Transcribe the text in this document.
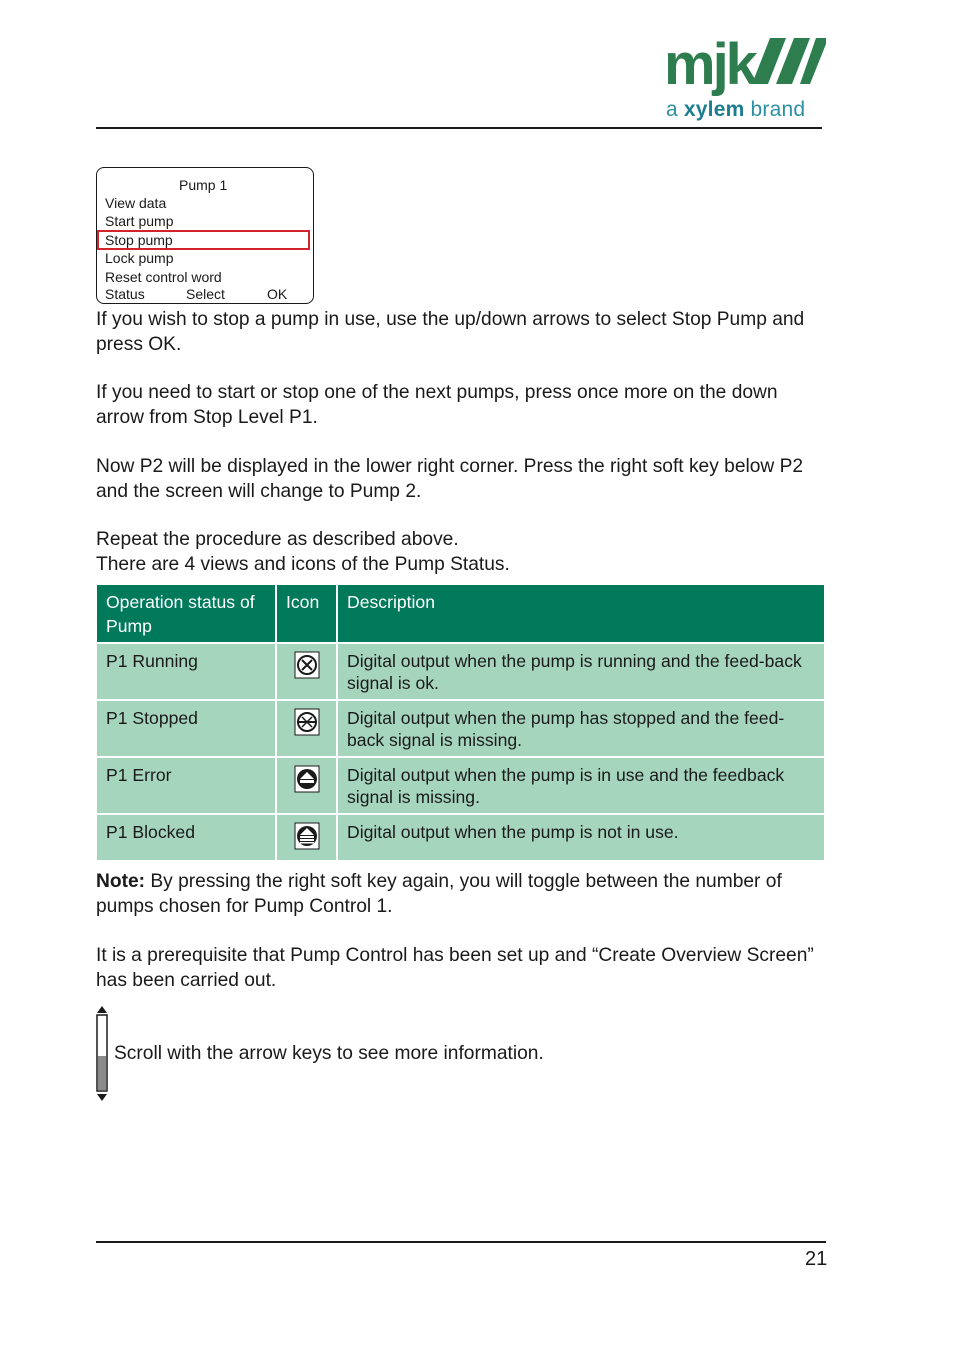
mjk
a xylem brand
Pump 1
View data
Start pump
Stop pump
Lock pump
Reset control word
Status	Select	OK
If you wish to stop a pump in use, use the up/down arrows to select Stop Pump and press OK.
If you need to start or stop one of the next pumps, press once more on the down arrow from Stop Level P1.
Now P2 will be displayed in the lower right corner. Press the right soft key below P2 and the screen will change to Pump 2.
Repeat the procedure as described above.
There are 4 views and icons of the Pump Status.
Operation status of Pump	Icon	Description
P1 Running		Digital output when the pump is running and the feed-back signal is ok.
P1 Stopped		Digital output when the pump has stopped and the feed-back signal is missing.
P1 Error		Digital output when the pump is in use and the feedback signal is missing.
P1 Blocked		Digital output when the pump is not in use.
Note: By pressing the right soft key again, you will toggle between the number of pumps chosen for Pump Control 1.
It is a prerequisite that Pump Control has been set up and “Create Overview Screen” has been carried out.
Scroll with the arrow keys to see more information.
21
